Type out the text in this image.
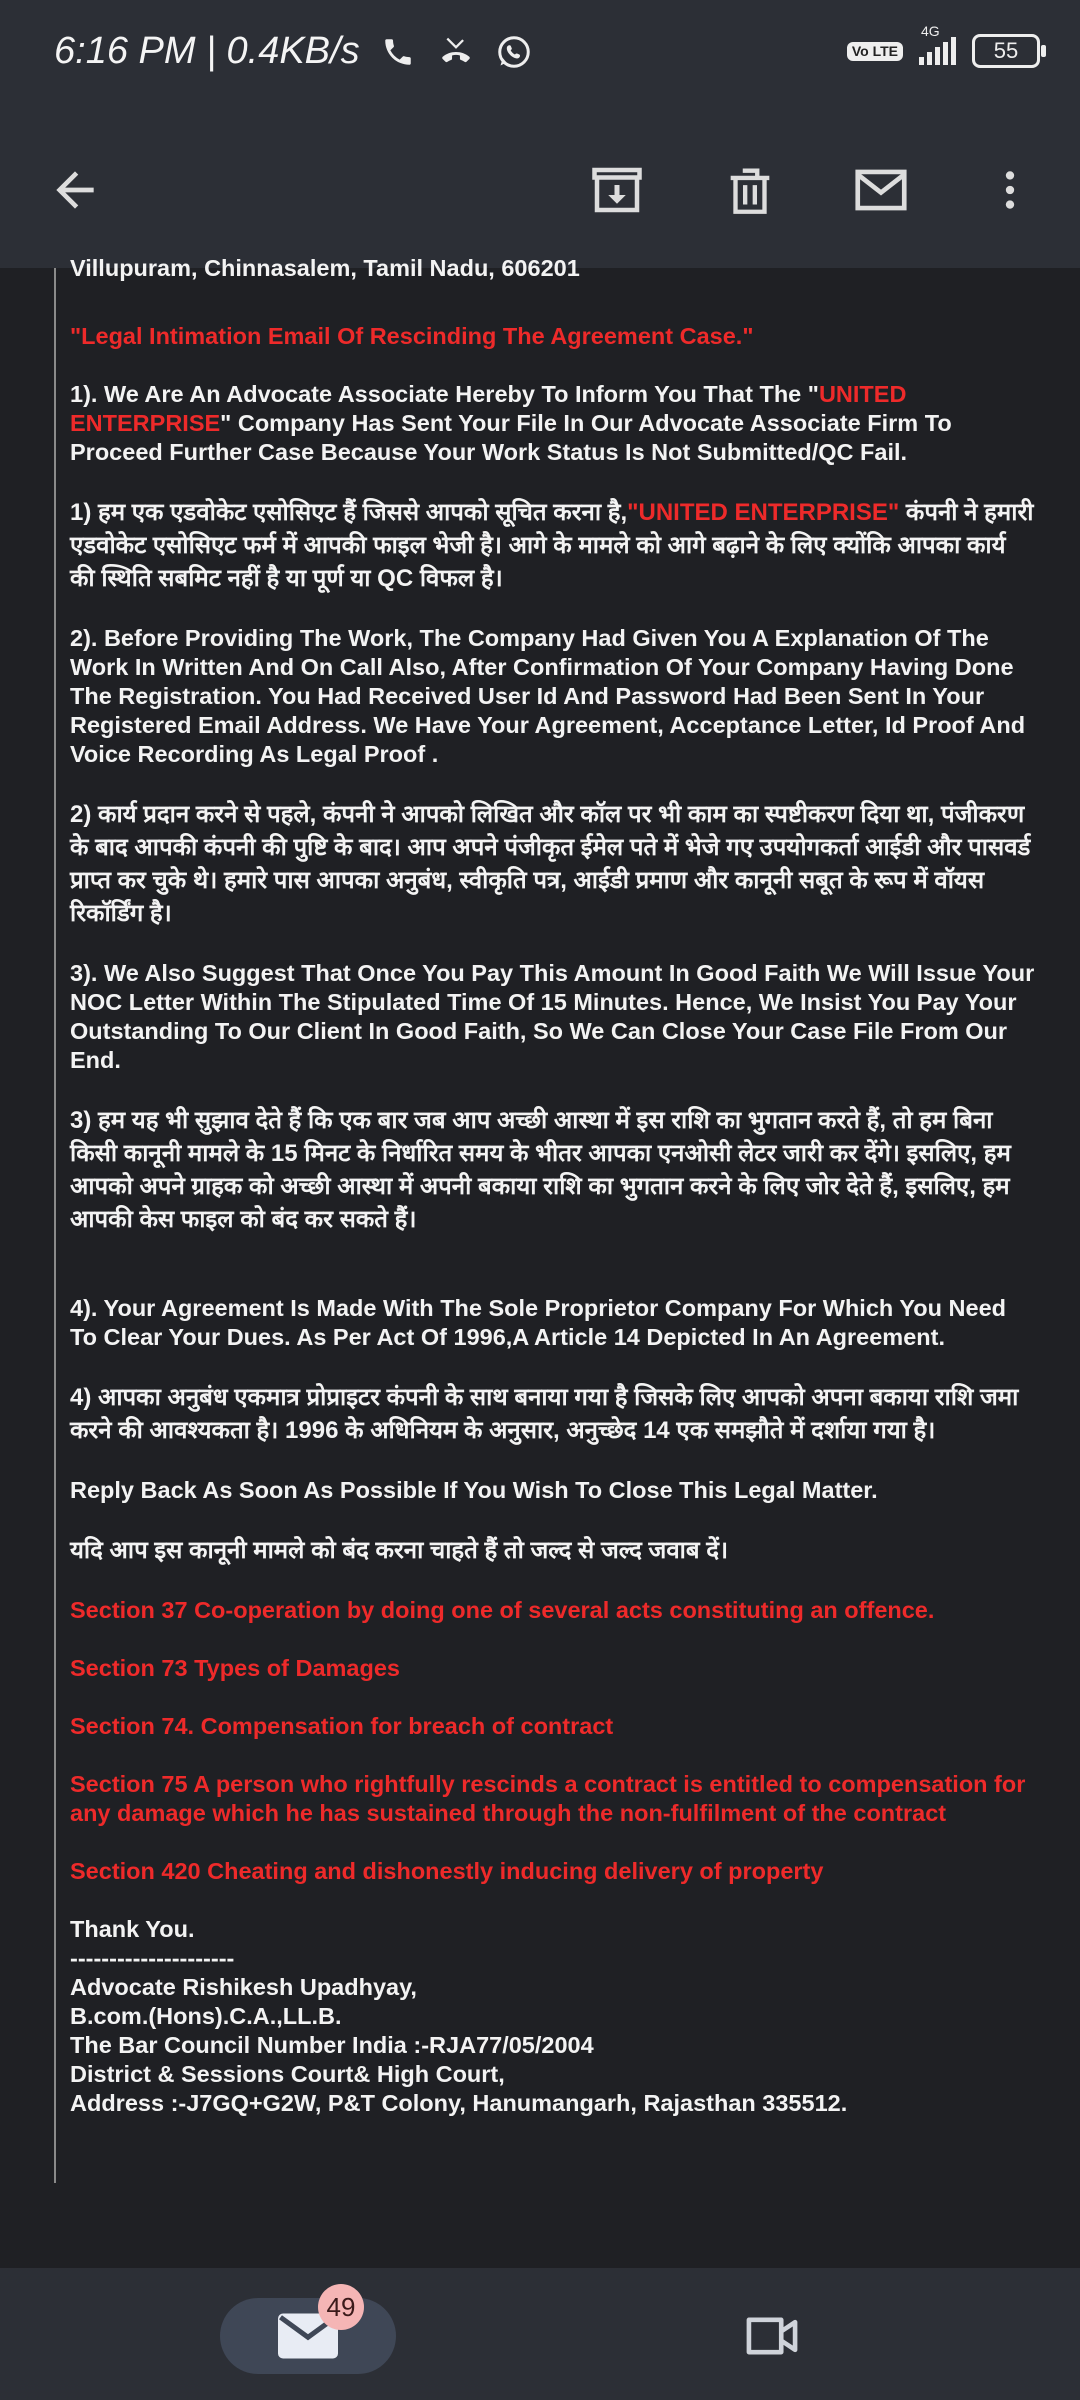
6:16 PM | 0.4KB/s	Vo LTE
4G
55

Villupuram, Chinnasalem, Tamil Nadu, 606201

"Legal Intimation Email Of Rescinding The Agreement Case."

1). We Are An Advocate Associate Hereby To Inform You That The "UNITED ENTERPRISE" Company Has Sent Your File In Our Advocate Associate Firm To Proceed Further Case Because Your Work Status Is Not Submitted/QC Fail.

1) हम एक एडवोकेट एसोसिएट हैं जिससे आपको सूचित करना है,"UNITED ENTERPRISE" कंपनी ने हमारी एडवोकेट एसोसिएट फर्म में आपकी फाइल भेजी है। आगे के मामले को आगे बढ़ाने के लिए क्योंकि आपका कार्य की स्थिति सबमिट नहीं है या पूर्ण या QC विफल है।

2). Before Providing The Work, The Company Had Given You A Explanation Of The Work In Written And On Call Also, After Confirmation Of Your Company Having Done The Registration. You Had Received User Id And Password Had Been Sent In Your Registered Email Address. We Have Your Agreement, Acceptance Letter, Id Proof And Voice Recording As Legal Proof .

2) कार्य प्रदान करने से पहले, कंपनी ने आपको लिखित और कॉल पर भी काम का स्पष्टीकरण दिया था, पंजीकरण के बाद आपकी कंपनी की पुष्टि के बाद। आप अपने पंजीकृत ईमेल पते में भेजे गए उपयोगकर्ता आईडी और पासवर्ड प्राप्त कर चुके थे। हमारे पास आपका अनुबंध, स्वीकृति पत्र, आईडी प्रमाण और कानूनी सबूत के रूप में वॉयस रिकॉर्डिंग है।

3). We Also Suggest That Once You Pay This Amount In Good Faith We Will Issue Your NOC Letter Within The Stipulated Time Of 15 Minutes. Hence, We Insist You Pay Your Outstanding To Our Client In Good Faith, So We Can Close Your Case File From Our End.

3) हम यह भी सुझाव देते हैं कि एक बार जब आप अच्छी आस्था में इस राशि का भुगतान करते हैं, तो हम बिना किसी कानूनी मामले के 15 मिनट के निर्धारित समय के भीतर आपका एनओसी लेटर जारी कर देंगे। इसलिए, हम आपको अपने ग्राहक को अच्छी आस्था में अपनी बकाया राशि का भुगतान करने के लिए जोर देते हैं, इसलिए, हम आपकी केस फाइल को बंद कर सकते हैं।

4). Your Agreement Is Made With The Sole Proprietor Company For Which You Need To Clear Your Dues. As Per Act Of 1996,A Article 14 Depicted In An Agreement.

4) आपका अनुबंध एकमात्र प्रोप्राइटर कंपनी के साथ बनाया गया है जिसके लिए आपको अपना बकाया राशि जमा करने की आवश्यकता है। 1996 के अधिनियम के अनुसार, अनुच्छेद 14 एक समझौते में दर्शाया गया है।

Reply Back As Soon As Possible If You Wish To Close This Legal Matter.

यदि आप इस कानूनी मामले को बंद करना चाहते हैं तो जल्द से जल्द जवाब दें।

Section 37 Co-operation by doing one of several acts constituting an offence.

Section 73 Types of Damages

Section 74. Compensation for breach of contract

Section 75 A person who rightfully rescinds a contract is entitled to compensation for any damage which he has sustained through the non-fulfilment of the contract

Section 420 Cheating and dishonestly inducing delivery of property

Thank You.

---------------------

Advocate Rishikesh Upadhyay,

B.com.(Hons).C.A.,LL.B.

The Bar Council Number India :-RJA77/05/2004

District & Sessions Court& High Court,

Address :-J7GQ+G2W, P&T Colony, Hanumangarh, Rajasthan 335512.

49
